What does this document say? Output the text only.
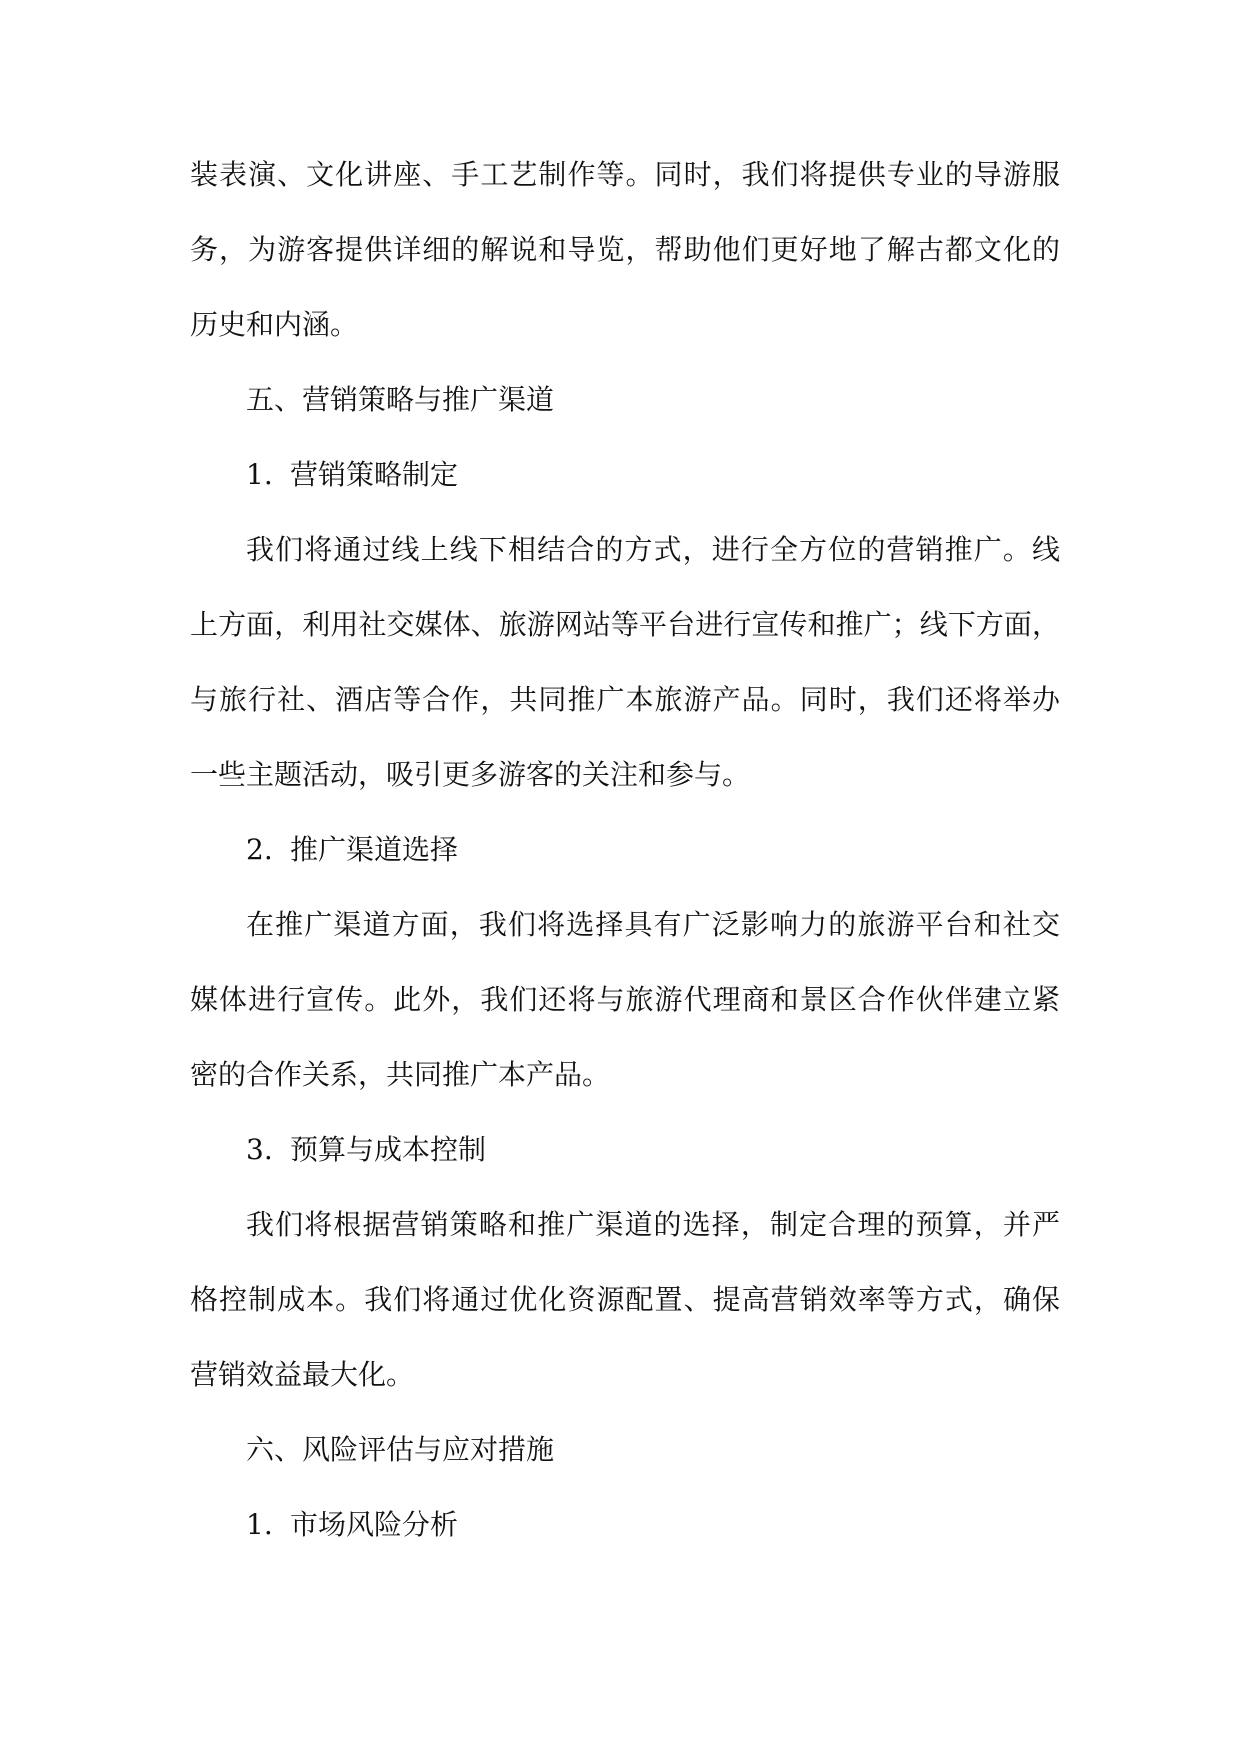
装表演、文化讲座、手工艺制作等。同时，我们将提供专业的导游服
务，为游客提供详细的解说和导览，帮助他们更好地了解古都文化的
历史和内涵。
五、营销策略与推广渠道
1. 营销策略制定
我们将通过线上线下相结合的方式，进行全方位的营销推广。线
上方面，利用社交媒体、旅游网站等平台进行宣传和推广；线下方面，
与旅行社、酒店等合作，共同推广本旅游产品。同时，我们还将举办
一些主题活动，吸引更多游客的关注和参与。
2. 推广渠道选择
在推广渠道方面，我们将选择具有广泛影响力的旅游平台和社交
媒体进行宣传。此外，我们还将与旅游代理商和景区合作伙伴建立紧
密的合作关系，共同推广本产品。
3. 预算与成本控制
我们将根据营销策略和推广渠道的选择，制定合理的预算，并严
格控制成本。我们将通过优化资源配置、提高营销效率等方式，确保
营销效益最大化。
六、风险评估与应对措施
1. 市场风险分析
